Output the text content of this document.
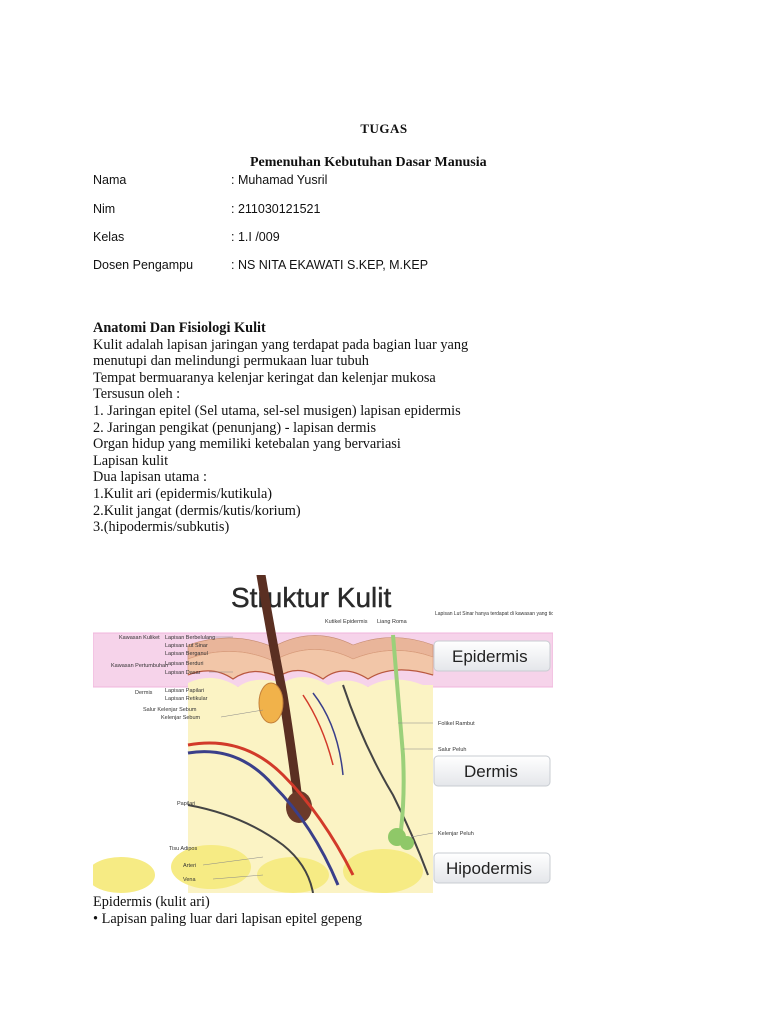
TUGAS
Pemenuhan Kebutuhan Dasar Manusia
Nama	: Muhamad Yusril
Nim	: 211030121521
Kelas	: 1.I /009
Dosen Pengampu	: NS NITA EKAWATI S.KEP, M.KEP
Anatomi Dan Fisiologi Kulit
Kulit adalah lapisan jaringan yang terdapat pada bagian luar yang
menutupi dan melindungi permukaan luar tubuh
Tempat bermuaranya kelenjar keringat dan kelenjar mukosa
Tersusun oleh :
1. Jaringan epitel (Sel utama, sel-sel musigen) lapisan epidermis
2. Jaringan pengikat (penunjang) - lapisan dermis
Organ hidup yang memiliki ketebalan yang bervariasi
Lapisan kulit
Dua lapisan utama :
1.Kulit ari (epidermis/kutikula)
2.Kulit jangat (dermis/kutis/korium)
3.(hipodermis/subkutis)
Struktur Kulit
Kawasan Kuliket Lapisan Berbelulang
Lapisan Lut Sinar
Lapisan Berganul
Kawasan Pertumbuhan
Lapisan Berduri
Lapisan Dasar
Dermis Lapisan Papilari
Lapisan Retikular
Salur Kelenjar Sebum
Kelenjar Sebum
Papilari
Tisu Adipos
Arteri
Vena
Kutikel Epidermis Liang Roma
Lapisan Lut Sinar hanya terdapat di kawasan yang tidak
Folikel Rambut
Salur Peluh
Kelenjar Peluh
Epidermis
Dermis
Hipodermis
Epidermis (kulit ari)
• Lapisan paling luar dari lapisan epitel gepeng
